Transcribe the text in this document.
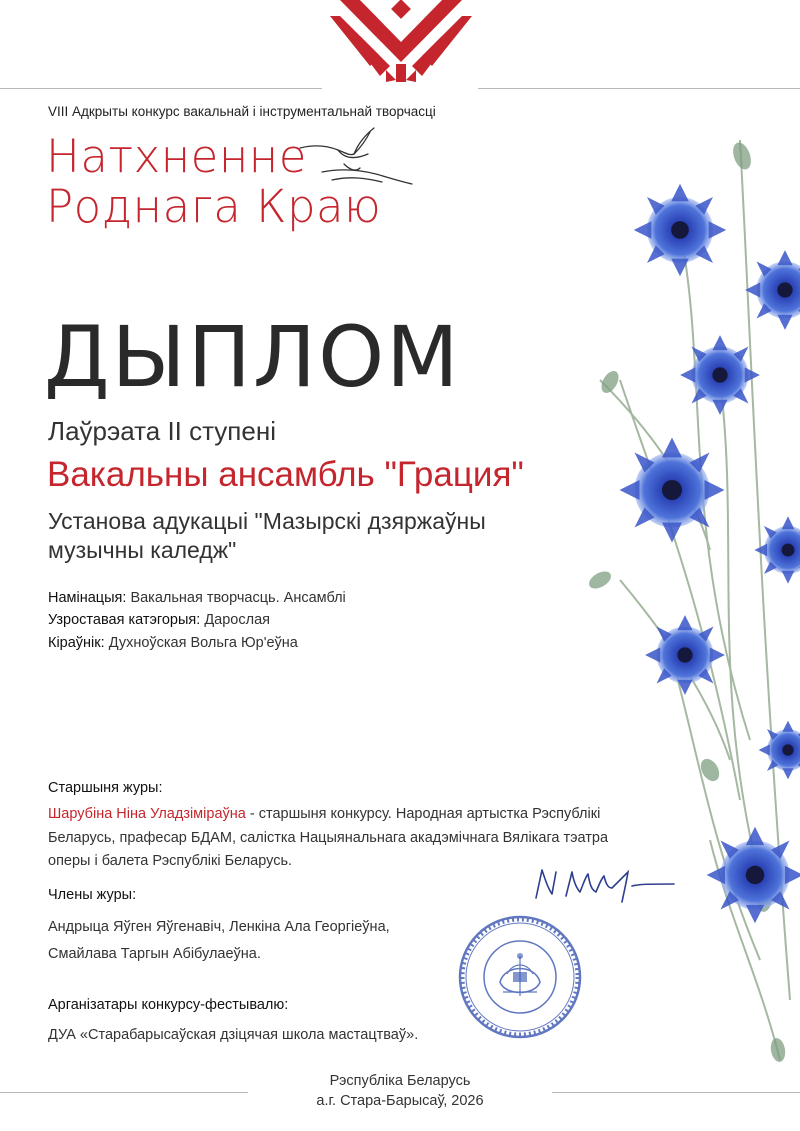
VIII Адкрыты конкурс вакальнай і інструментальнай творчасці
Натхненне
Роднага Краю
ДЫПЛОМ
Лаўрэата ІІ ступені
Вакальны ансамбль "Грация"
Установа адукацыі "Мазырскі дзяржаўны музычны каледж"
Намінацыя: Вакальная творчасць. Ансамблі
Узроставая катэгорыя: Дарослая
Кіраўнік: Духноўская Вольга Юр'еўна
Старшыня журы:
Шарубіна Ніна Уладзіміраўна - старшыня конкурсу. Народная артыстка Рэспублікі Беларусь, прафесар БДАМ, салістка Нацыянальнага акадэмічнага Вялікага тэатра оперы і балета Рэспублікі Беларусь.
Члены журы:
Андрыца Яўген Яўгенавіч, Ленкіна Ала Георгіеўна,
Смайлава Таргын Абібулаеўна.
Арганізатары конкурсу-фестывалю:
ДУА «Старабарысаўская дзіцячая школа мастацтваў».
Рэспубліка Беларусь
а.г. Стара-Барысаў, 2026
